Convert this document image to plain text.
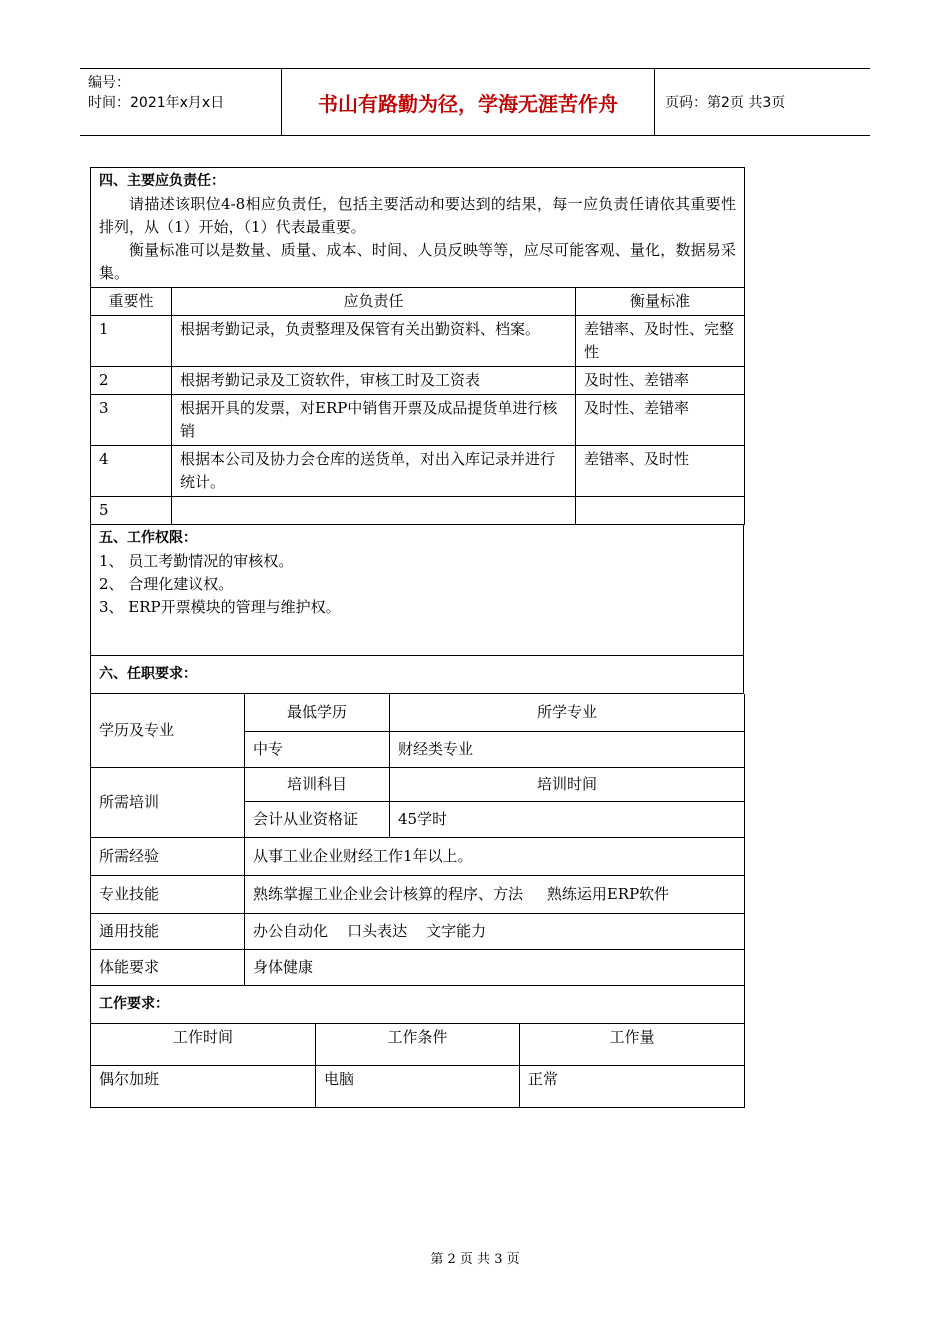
编号：
时间：2021年x月x日	书山有路勤为径，学海无涯苦作舟	页码：第2页 共3页
四、主要应负责任：
请描述该职位4-8相应负责任，包括主要活动和要达到的结果，每一应负责任请依其重要性排列，从（1）开始，（1）代表最重要。
衡量标准可以是数量、质量、成本、时间、人员反映等等，应尽可能客观、量化，数据易采集。		

重要性	应负责任	衡量标准
1	根据考勤记录，负责整理及保管有关出勤资料、档案。	差错率、及时性、完整性
2	根据考勤记录及工资软件，审核工时及工资表	及时性、差错率
3	根据开具的发票，对ERP中销售开票及成品提货单进行核销	及时性、差错率
4	根据本公司及协力会仓库的送货单，对出入库记录并进行统计。	差错率、及时性
5		
五、工作权限：
1、 员工考勤情况的审核权。
2、 合理化建议权。
3、 ERP开票模块的管理与维护权。

六、任职要求：
学历及专业	最低学历	所学专业
	中专	财经类专业
所需培训	培训科目	培训时间
	会计从业资格证	45学时
所需经验	从事工业企业财经工作1年以上。	
专业技能	熟练掌握工业企业会计核算的程序、方法     熟练运用ERP软件	
通用技能	办公自动化    口头表达    文字能力	
体能要求	身体健康	
工作要求：		
工作时间	工作条件	工作量
偶尔加班	电脑	正常
第 2 页 共 3 页
